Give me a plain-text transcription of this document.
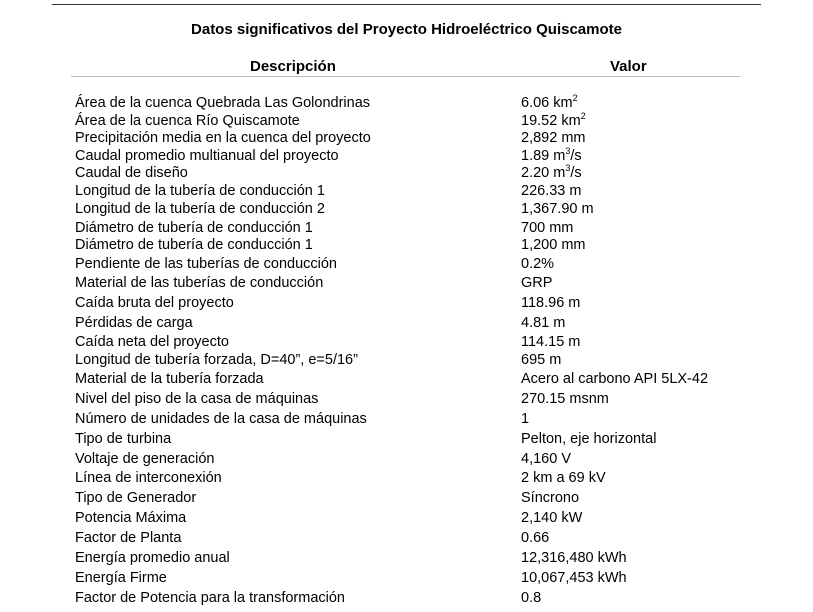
Datos significativos del Proyecto Hidroeléctrico Quiscamote
Descripción	Valor
Área de la cuenca Quebrada Las Golondrinas	6.06 $km^2$
Área de la cuenca Río Quiscamote	19.52 $km^2$
Precipitación media en la cuenca del proyecto	2,892 mm
Caudal promedio multianual del proyecto	1.89 $m^3/s$
Caudal de diseño	2.20 $m^3/s$
Longitud de la tubería de conducción 1	226.33 m
Longitud de la tubería de conducción 2	1,367.90 m
Diámetro de tubería de conducción 1	700 mm
Diámetro de tubería de conducción 1	1,200 mm
Pendiente de las tuberías de conducción	0.2%
Material de las tuberías de conducción	GRP
Caída bruta del proyecto	118.96 m
Pérdidas de carga	4.81 m
Caída neta del proyecto	114.15 m
Longitud de tubería forzada, D=40”, e=5/16”	695 m
Material de la tubería forzada	Acero al carbono API 5LX-42
Nivel del piso de la casa de máquinas	270.15 msnm
Número de unidades de la casa de máquinas	1
Tipo de turbina	Pelton, eje horizontal
Voltaje de generación	4,160 V
Línea de interconexión	2 km a 69 kV
Tipo de Generador	Síncrono
Potencia Máxima	2,140 kW
Factor de Planta	0.66
Energía promedio anual	12,316,480 kWh
Energía Firme	10,067,453 kWh
Factor de Potencia para la transformación	0.8
